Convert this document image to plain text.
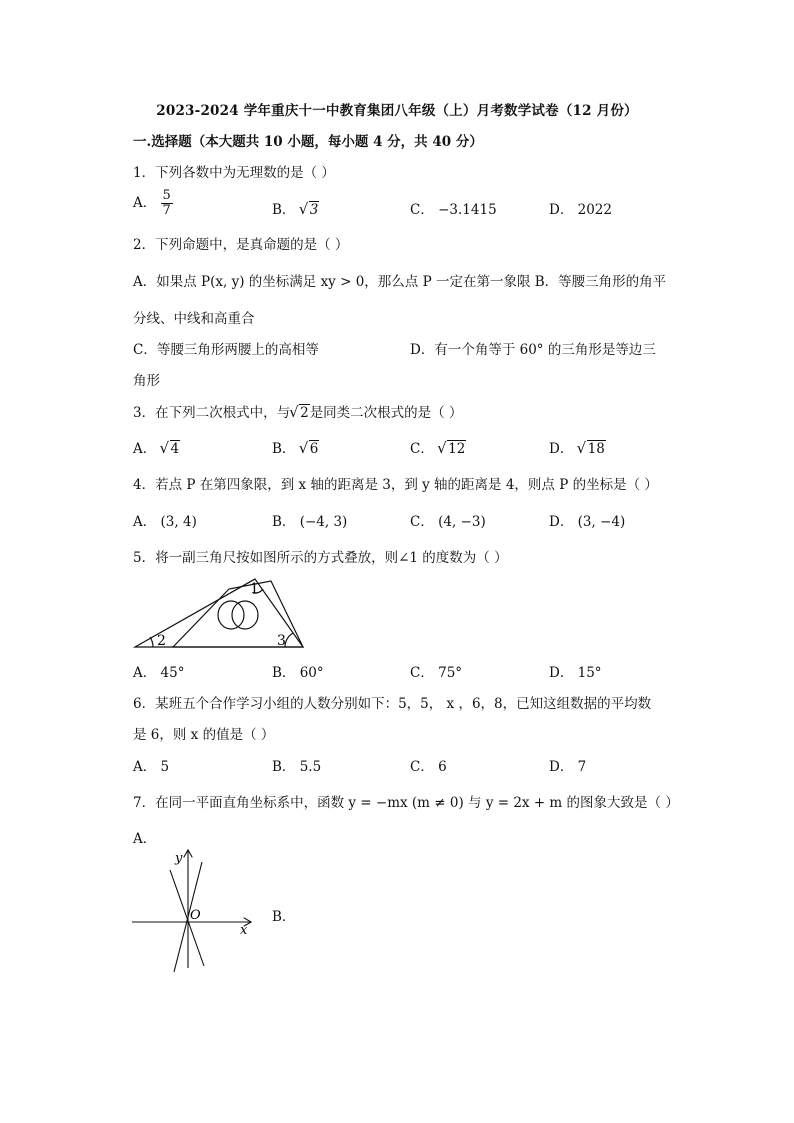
2023-2024 学年重庆十一中教育集团八年级（上）月考数学试卷（12 月份）
一.选择题（本大题共 10 小题，每小题 4 分，共 40 分）
1．下列各数中为无理数的是（ ）
A． $\frac{5}{7}$	B． √ 3	C． −3.1415	D． 2022
2．下列命题中，是真命题的是（ ）
A．如果点 P(x, y) 的坐标满足 xy > 0，那么点 P 一定在第一象限 B．等腰三角形的角平
分线、中线和高重合
C．等腰三角形两腰上的高相等	D．有一个角等于 60° 的三角形是等边三
角形
3．在下列二次根式中，与 √ 2是同类二次根式的是（ ）
A． √ 4	B． √ 6	C． √ 12	D． √ 18
4．若点 P 在第四象限，到 x 轴的距离是 3，到 y 轴的距离是 4，则点 P 的坐标是（ ）
A． (3, 4)	B． (−4, 3)	C． (4, −3)	D． (3, −4)
5．将一副三角尺按如图所示的方式叠放，则∠1 的度数为（ ）
1
2	3
A． 45°	B． 60°	C． 75°	D． 15°
6．某班五个合作学习小组的人数分别如下：5，5， x ，6，8，已知这组数据的平均数
是 6，则 x 的值是（ ）
A． 5	B． 5.5	C． 6	D． 7
7．在同一平面直角坐标系中，函数 y = −mx (m ≠ 0) 与 y = 2x + m 的图象大致是（ ）
A．
y
x
O	B．
